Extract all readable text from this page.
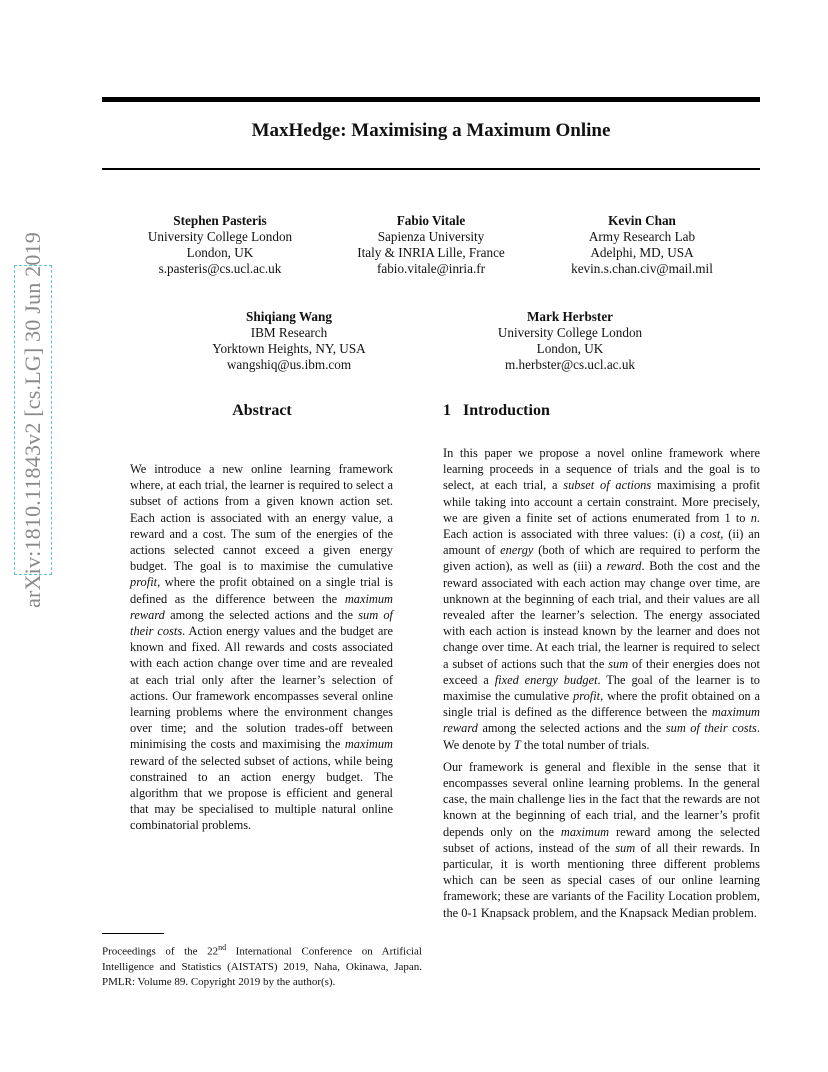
MaxHedge: Maximising a Maximum Online
arXiv:1810.11843v2 [cs.LG] 30 Jun 2019
Stephen Pasteris
University College London
London, UK
s.pasteris@cs.ucl.ac.uk
Fabio Vitale
Sapienza University
Italy & INRIA Lille, France
fabio.vitale@inria.fr
Kevin Chan
Army Research Lab
Adelphi, MD, USA
kevin.s.chan.civ@mail.mil
Shiqiang Wang
IBM Research
Yorktown Heights, NY, USA
wangshiq@us.ibm.com
Mark Herbster
University College London
London, UK
m.herbster@cs.ucl.ac.uk
Abstract	1   Introduction

We introduce a new online learning framework where, at each trial, the learner is required to select a subset of actions from a given known action set. Each action is associated with an energy value, a reward and a cost. The sum of the energies of the actions selected cannot exceed a given energy budget. The goal is to maximise the cumulative profit, where the profit obtained on a single trial is defined as the difference between the maximum reward among the selected actions and the sum of their costs. Action energy values and the budget are known and fixed. All rewards and costs associated with each action change over time and are revealed at each trial only after the learner’s selection of actions. Our framework encompasses several online learning problems where the environment changes over time; and the solution trades-off between minimising the costs and maximising the maximum reward of the selected subset of actions, while being constrained to an action energy budget. The algorithm that we propose is efficient and general that may be specialised to multiple natural online combinatorial problems.

In this paper we propose a novel online framework where learning proceeds in a sequence of trials and the goal is to select, at each trial, a subset of actions maximising a profit while taking into account a certain constraint. More precisely, we are given a finite set of actions enumerated from 1 to n. Each action is associated with three values: (i) a cost, (ii) an amount of energy (both of which are required to perform the given action), as well as (iii) a reward. Both the cost and the reward associated with each action may change over time, are unknown at the beginning of each trial, and their values are all revealed after the learner’s selection. The energy associated with each action is instead known by the learner and does not change over time. At each trial, the learner is required to select a subset of actions such that the sum of their energies does not exceed a fixed energy budget. The goal of the learner is to maximise the cumulative profit, where the profit obtained on a single trial is defined as the difference between the maximum reward among the selected actions and the sum of their costs. We denote by T the total number of trials.

Our framework is general and flexible in the sense that it encompasses several online learning problems. In the general case, the main challenge lies in the fact that the rewards are not known at the beginning of each trial, and the learner’s profit depends only on the maximum reward among the selected subset of actions, instead of the sum of all their rewards. In particular, it is worth mentioning three different problems which can be seen as special cases of our online learning framework; these are variants of the Facility Location problem, the 0-1 Knapsack problem, and the Knapsack Median problem.

Proceedings of the 22nd International Conference on Artificial Intelligence and Statistics (AISTATS) 2019, Naha, Okinawa, Japan. PMLR: Volume 89. Copyright 2019 by the author(s).
